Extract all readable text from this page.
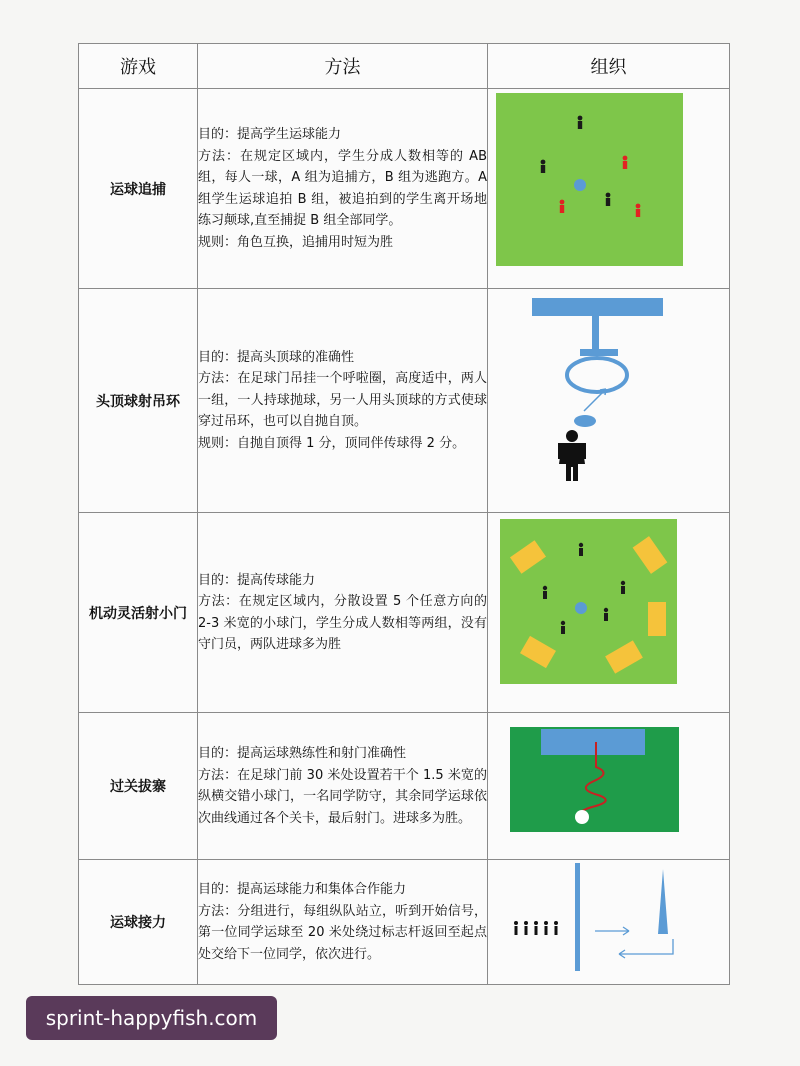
游戏	方法	组织
运球追捕	目的：提高学生运球能力
方法：在规定区域内，学生分成人数相等的 AB 组，每人一球，A 组为追捕方，B 组为逃跑方。A 组学生运球追拍 B 组，被追拍到的学生离开场地练习颠球,直至捕捉 B 组全部同学。
规则：角色互换，追捕用时短为胜

头顶球射吊环	目的：提高头顶球的准确性
方法：在足球门吊挂一个呼啦圈，高度适中，两人一组，一人持球抛球，另一人用头顶球的方式使球穿过吊环，也可以自抛自顶。
规则：自抛自顶得 1 分，顶同伴传球得 2 分。

机动灵活射小门	目的：提高传球能力
方法：在规定区域内，分散设置 5 个任意方向的 2-3 米宽的小球门，学生分成人数相等两组，没有守门员，两队进球多为胜

过关拔寨	目的：提高运球熟练性和射门准确性
方法：在足球门前 30 米处设置若干个 1.5 米宽的纵横交错小球门，一名同学防守，其余同学运球依次曲线通过各个关卡，最后射门。进球多为胜。

运球接力	目的：提高运球能力和集体合作能力
方法：分组进行，每组纵队站立，听到开始信号，第一位同学运球至 20 米处绕过标志杆返回至起点处交给下一位同学，依次进行。

sprint-happyfish.com
